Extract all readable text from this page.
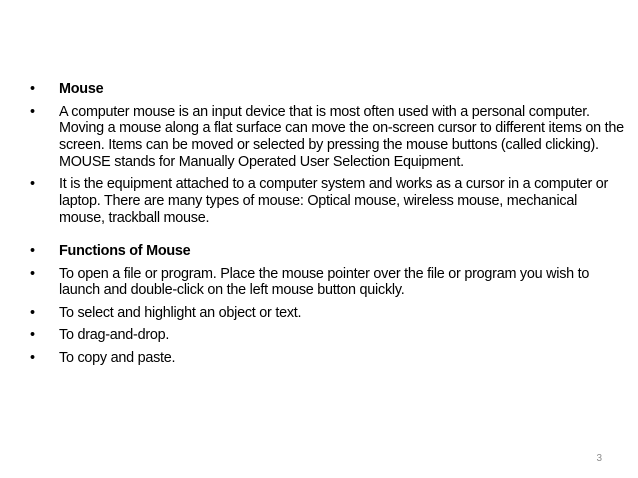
• Mouse
• A computer mouse is an input device that is most often used with a personal computer. Moving a mouse along a flat surface can move the on-screen cursor to different items on the screen. Items can be moved or selected by pressing the mouse buttons (called clicking). MOUSE stands for Manually Operated User Selection Equipment.
• It is the equipment attached to a computer system and works as a cursor in a computer or laptop. There are many types of mouse: Optical mouse, wireless mouse, mechanical mouse, trackball mouse.
• Functions of Mouse
• To open a file or program. Place the mouse pointer over the file or program you wish to launch and double-click on the left mouse button quickly.
• To select and highlight an object or text.
• To drag-and-drop.
• To copy and paste.
3
